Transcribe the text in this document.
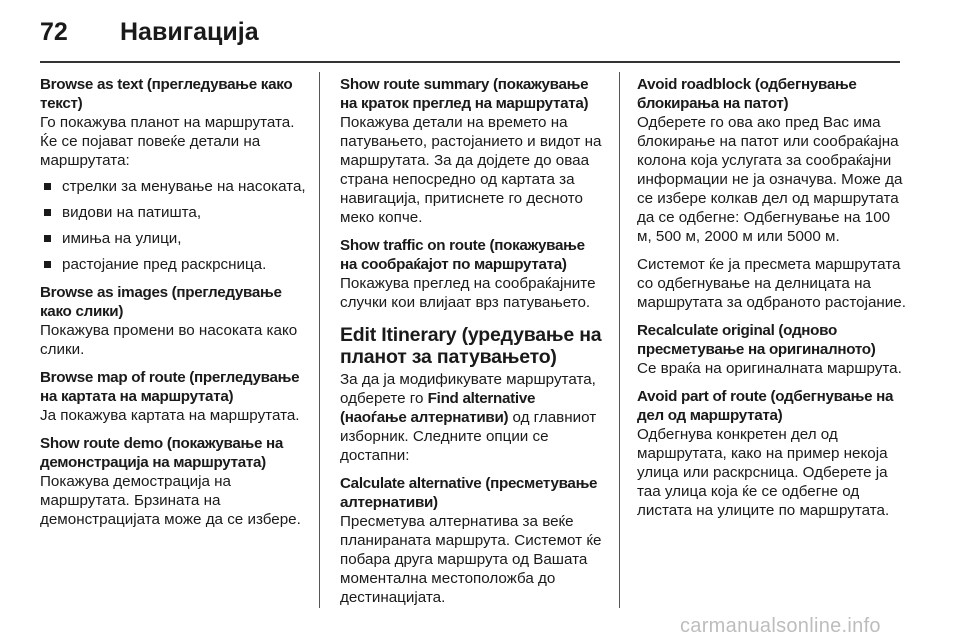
72 Навигација
Browse as text (прегледување како текст)
Го покажува планот на маршрутата. Ќе се појават повеќе детали на маршрутата:
стрелки за менување на насоката,
видови на патишта,
имиња на улици,
растојание пред раскрсница.
Browse as images (прегледување како слики)
Покажува промени во насоката како слики.
Browse map of route (прегледување на картата на маршрутата)
Ја покажува картата на маршрутата.
Show route demo (покажување на демонстрација на маршрутата)
Покажува демострација на маршрутата. Брзината на демонстрацијата може да се избере.
Show route summary (покажување на краток преглед на маршрутата)
Покажува детали на времето на патувањето, растојанието и видот на маршрутата. За да дојдете до оваа страна непосредно од картата за навигација, притиснете го десното меко копче.
Show traffic on route (покажување на сообраќајот по маршрутата)
Покажува преглед на сообраќајните случки кои влијаат врз патувањето.
Edit Itinerary (уредување на планот за патувањето)
За да ја модификувате маршрутата, одберете го Find alternative (наоѓање алтернативи) од главниот изборник. Следните опции се достапни:
Calculate alternative (пресметување алтернативи)
Пресметува алтернатива за веќе планираната маршрута. Системот ќе побара друга маршрута од Вашата моментална местоположба до дестинацијата.
Avoid roadblock (одбегнување блокирања на патот)

Одберете го ова ако пред Вас има блокирање на патот или сообраќајна колона која услугата за сообраќајни информации не ја означува. Може да се избере колкав дел од маршрутата да се одбегне: Одбегнување на 100 м, 500 м, 2000 м или 5000 м.

Системот ќе ја пресмета маршрутата со одбегнување на делницата на маршрутата за одбраното растојание.
Recalculate original (одново пресметување на оригиналното)
Се враќа на оригиналната маршрута.
Avoid part of route (одбегнување на дел од маршрутата)
Одбегнува конкретен дел од маршрутата, како на пример некоја улица или раскрсница. Одберете ја таа улица која ќе се одбегне од листата на улиците по маршрутата.
carmanualsonline.info
